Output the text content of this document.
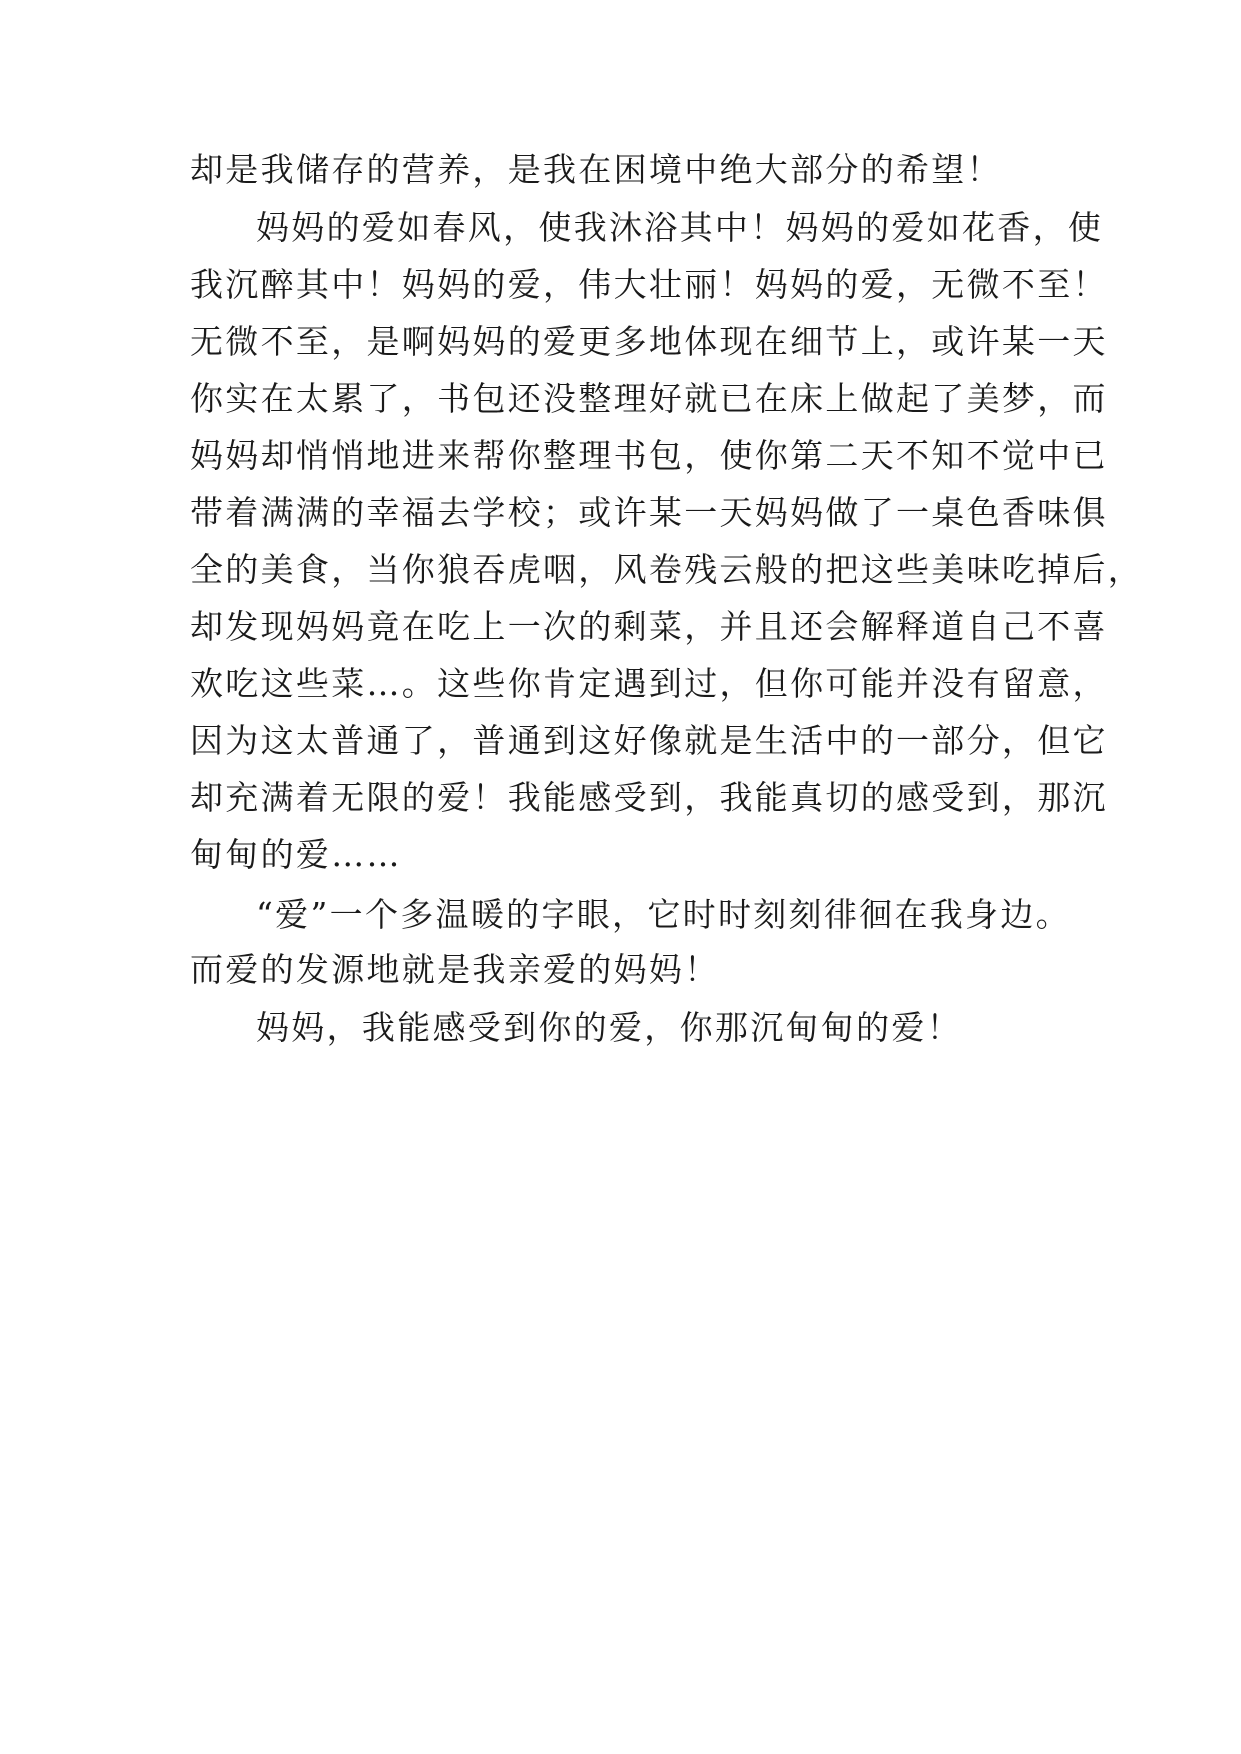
却是我储存的营养，是我在困境中绝大部分的希望！
妈妈的爱如春风，使我沐浴其中！妈妈的爱如花香，使
我沉醉其中！妈妈的爱，伟大壮丽！妈妈的爱，无微不至！
无微不至，是啊妈妈的爱更多地体现在细节上，或许某一天
你实在太累了，书包还没整理好就已在床上做起了美梦，而
妈妈却悄悄地进来帮你整理书包，使你第二天不知不觉中已
带着满满的幸福去学校；或许某一天妈妈做了一桌色香味俱
全的美食，当你狼吞虎咽，风卷残云般的把这些美味吃掉后，
却发现妈妈竟在吃上一次的剩菜，并且还会解释道自己不喜
欢吃这些菜…。这些你肯定遇到过，但你可能并没有留意，
因为这太普通了，普通到这好像就是生活中的一部分，但它
却充满着无限的爱！我能感受到，我能真切的感受到，那沉
甸甸的爱……
“爱”一个多温暖的字眼，它时时刻刻徘徊在我身边。
而爱的发源地就是我亲爱的妈妈！
妈妈，我能感受到你的爱，你那沉甸甸的爱！
